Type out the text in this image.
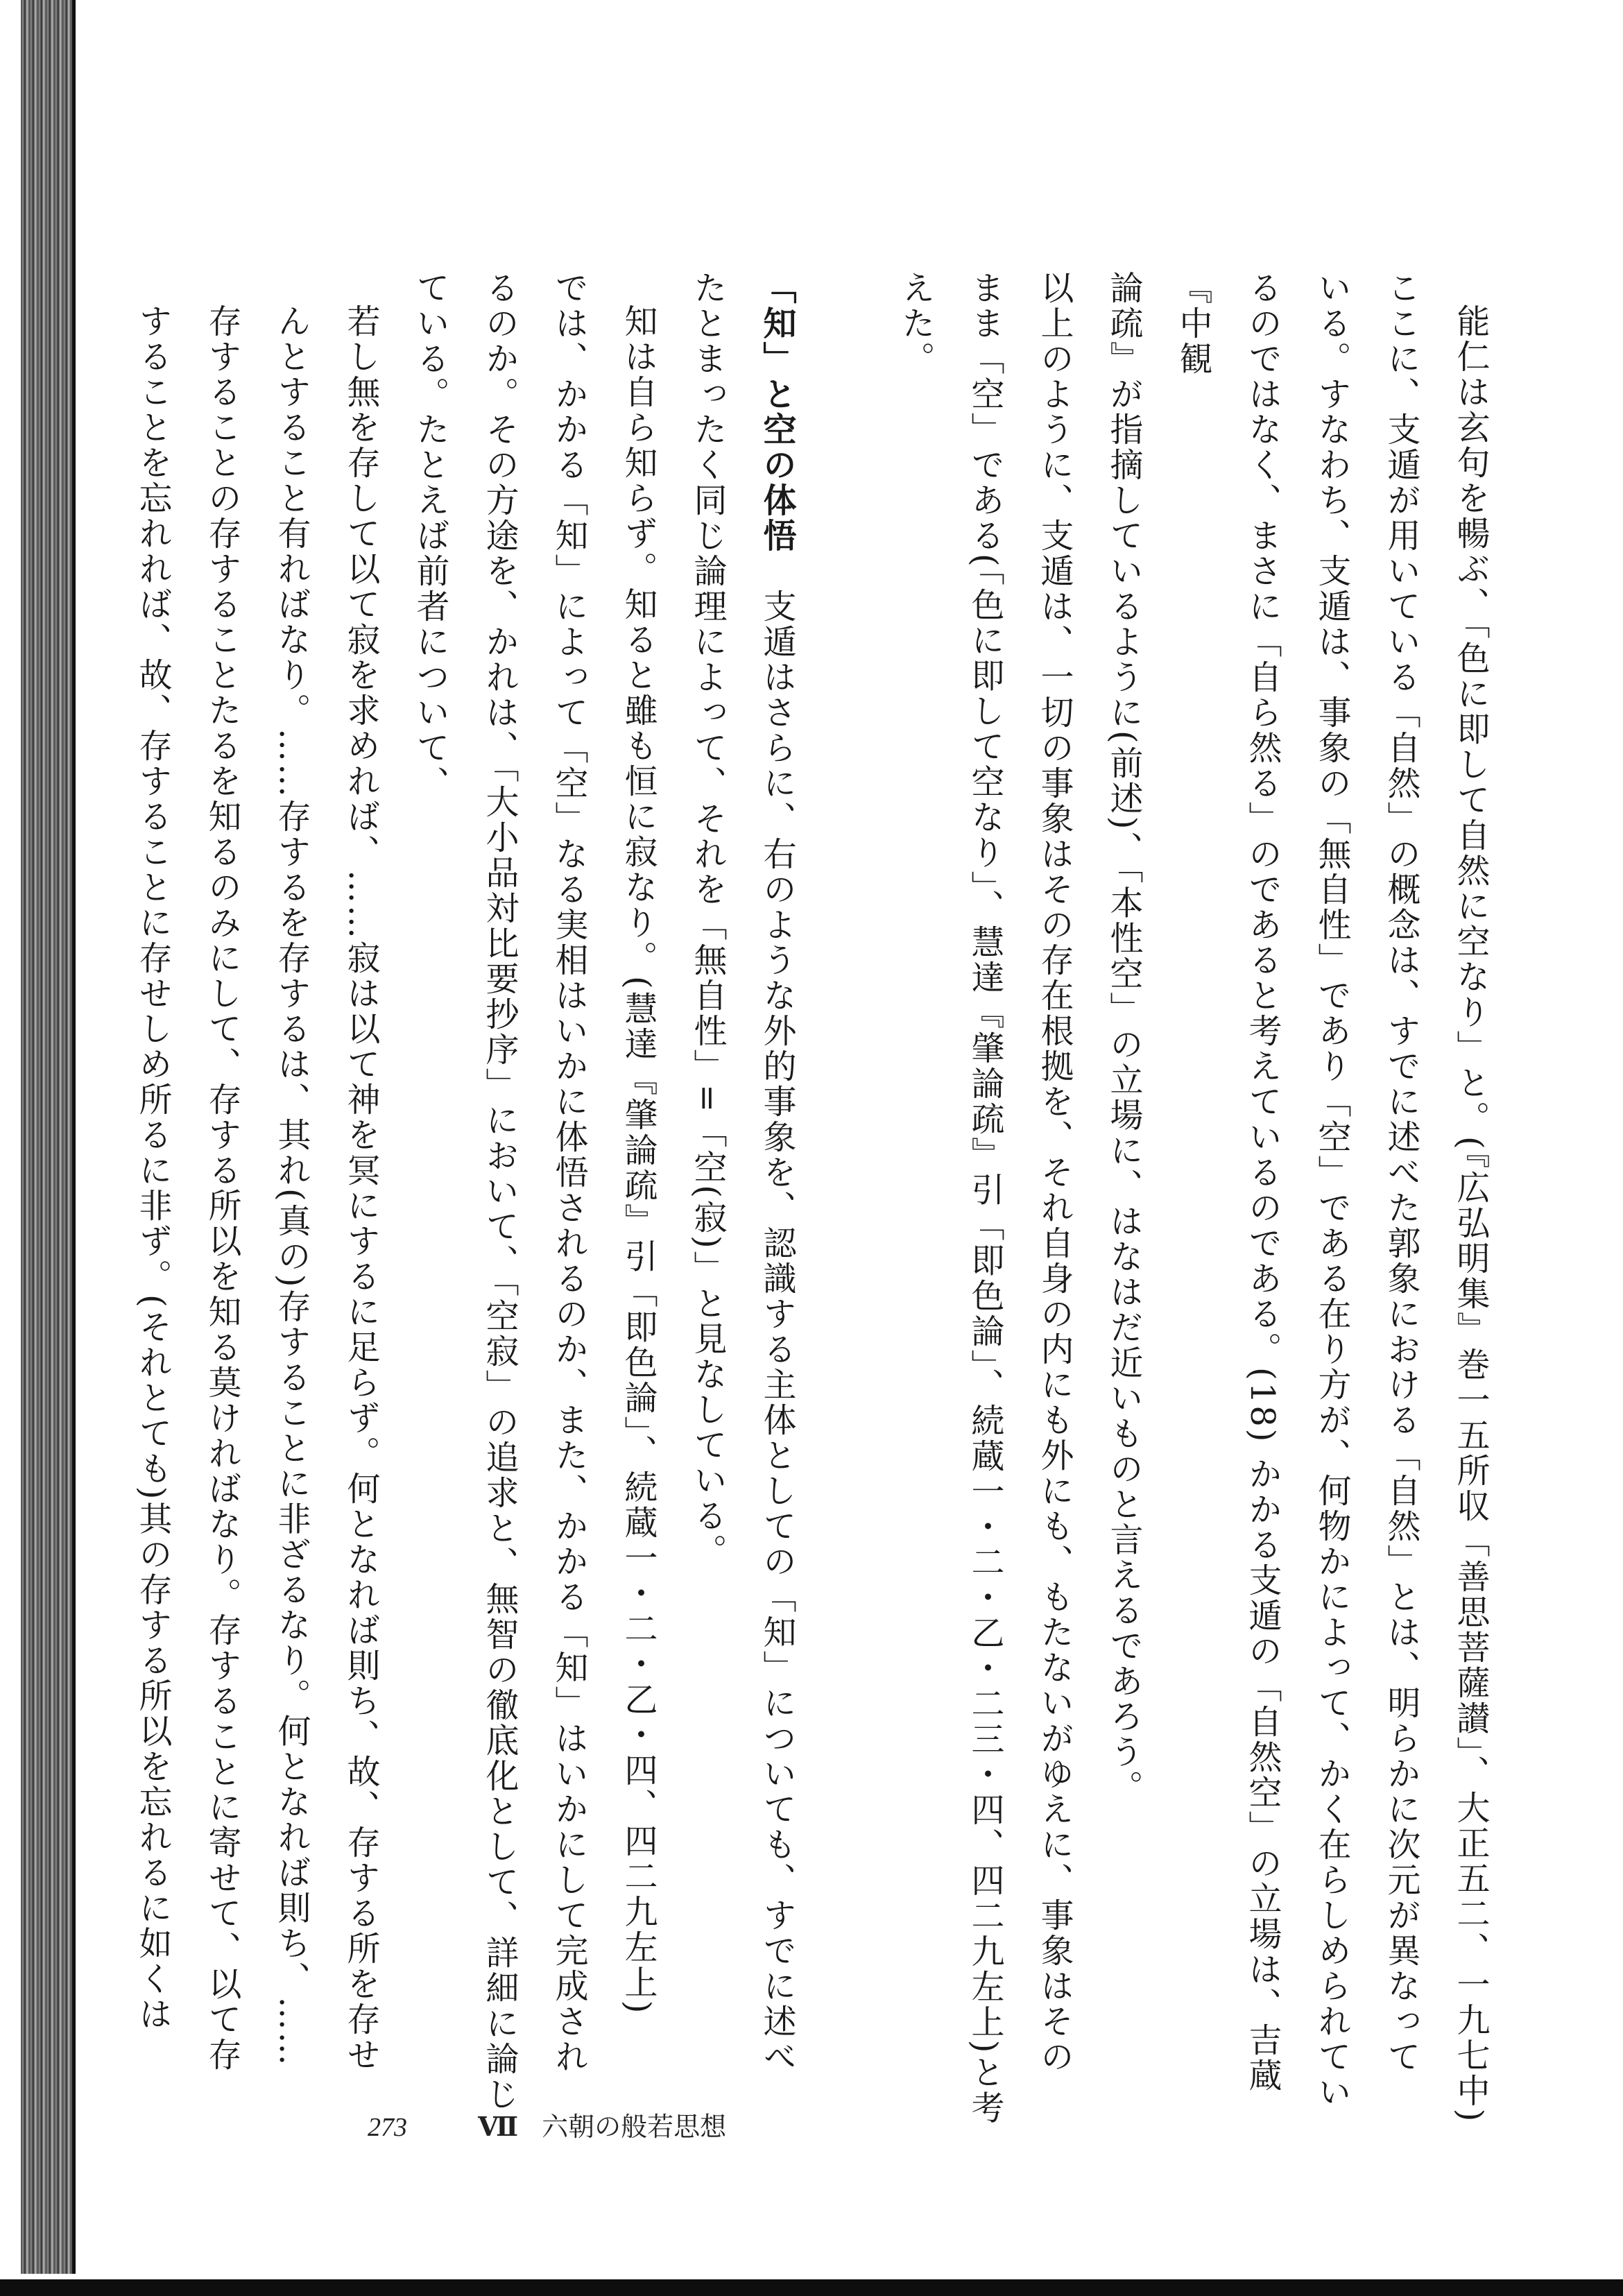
能仁は玄句を暢ぶ、「色に即して自然に空なり」と。(『広弘明集』巻一五所収「善思菩薩讃」、大正五二、一九七中)
ここに、支遁が用いている「自然」の概念は、すでに述べた郭象における「自然」とは、明らかに次元が異なって
いる。すなわち、支遁は、事象の「無自性」であり「空」である在り方が、何物かによって、かく在らしめられてい
るのではなく、まさに「自ら然る」のであると考えているのである。(18) かかる支遁の「自然空」の立場は、吉蔵『中観
論疏』が指摘しているように(前述)、「本性空」の立場に、はなはだ近いものと言えるであろう。
以上のように、支遁は、一切の事象はその存在根拠を、それ自身の内にも外にも、もたないがゆえに、事象はその
まま「空」である(「色に即して空なり」、慧達『肇論疏』引「即色論」、続蔵一・二・乙・二三・四、四二九左上)と考えた。
「知」と空の体悟　支遁はさらに、右のような外的事象を、認識する主体としての「知」についても、すでに述べ
たとまったく同じ論理によって、それを「無自性」=「空(寂)」と見なしている。
知は自ら知らず。知ると雖も恒に寂なり。(慧達『肇論疏』引「即色論」、続蔵一・二・乙・四、四二九左上)
では、かかる「知」によって「空」なる実相はいかに体悟されるのか、また、かかる「知」はいかにして完成され
るのか。その方途を、かれは、「大小品対比要抄序」において、「空寂」の追求と、無智の徹底化として、詳細に論じ
ている。たとえば前者について、
若し無を存して以て寂を求めれば、……寂は以て神を冥にするに足らず。何となれば則ち、故、存する所を存せ
んとすること有ればなり。……存するを存するは、其れ(真の)存することに非ざるなり。何となれば則ち、……
存することの存することたるを知るのみにして、存する所以を知る莫ければなり。存することに寄せて、以て存
することを忘れれば、故、存することに存せしめ所るに非ず。(それとても)其の存する所以を忘れるに如くは
273	Ⅶ 六朝の般若思想
